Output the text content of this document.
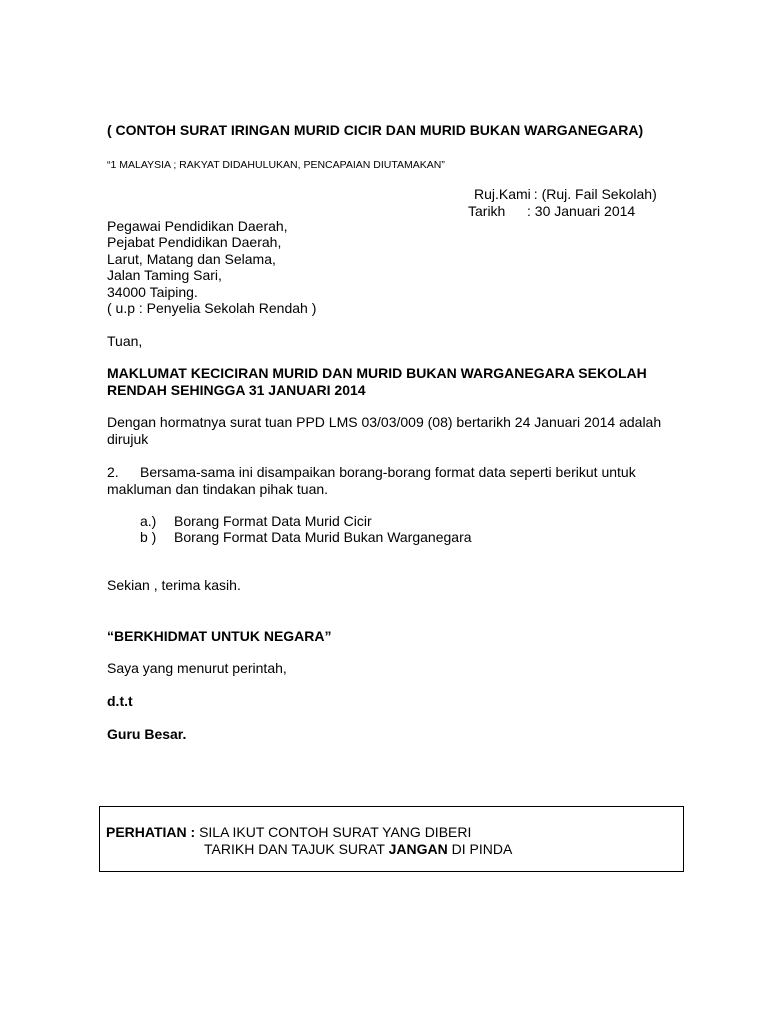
( CONTOH SURAT IRINGAN MURID CICIR DAN MURID BUKAN WARGANEGARA)
“1 MALAYSIA ; RAKYAT DIDAHULUKAN, PENCAPAIAN DIUTAMAKAN”
Ruj.Kami : (Ruj. Fail Sekolah)
Tarikh	: 30 Januari 2014
Pegawai Pendidikan Daerah,
Pejabat Pendidikan Daerah,
Larut, Matang dan Selama,
Jalan Taming Sari,
34000 Taiping.
( u.p : Penyelia Sekolah Rendah )
Tuan,
MAKLUMAT KECICIRAN MURID DAN MURID BUKAN WARGANEGARA SEKOLAH
RENDAH SEHINGGA 31 JANUARI 2014
Dengan hormatnya surat tuan PPD LMS 03/03/009 (08) bertarikh 24 Januari 2014 adalah
dirujuk
2. Bersama-sama ini disampaikan borang-borang format data seperti berikut untuk
makluman dan tindakan pihak tuan.
a.)	Borang Format Data Murid Cicir
b )	Borang Format Data Murid Bukan Warganegara
Sekian , terima kasih.
“BERKHIDMAT UNTUK NEGARA”
Saya yang menurut perintah,
d.t.t
Guru Besar.
PERHATIAN : SILA IKUT CONTOH SURAT YANG DIBERI
TARIKH DAN TAJUK SURAT JANGAN DI PINDA
